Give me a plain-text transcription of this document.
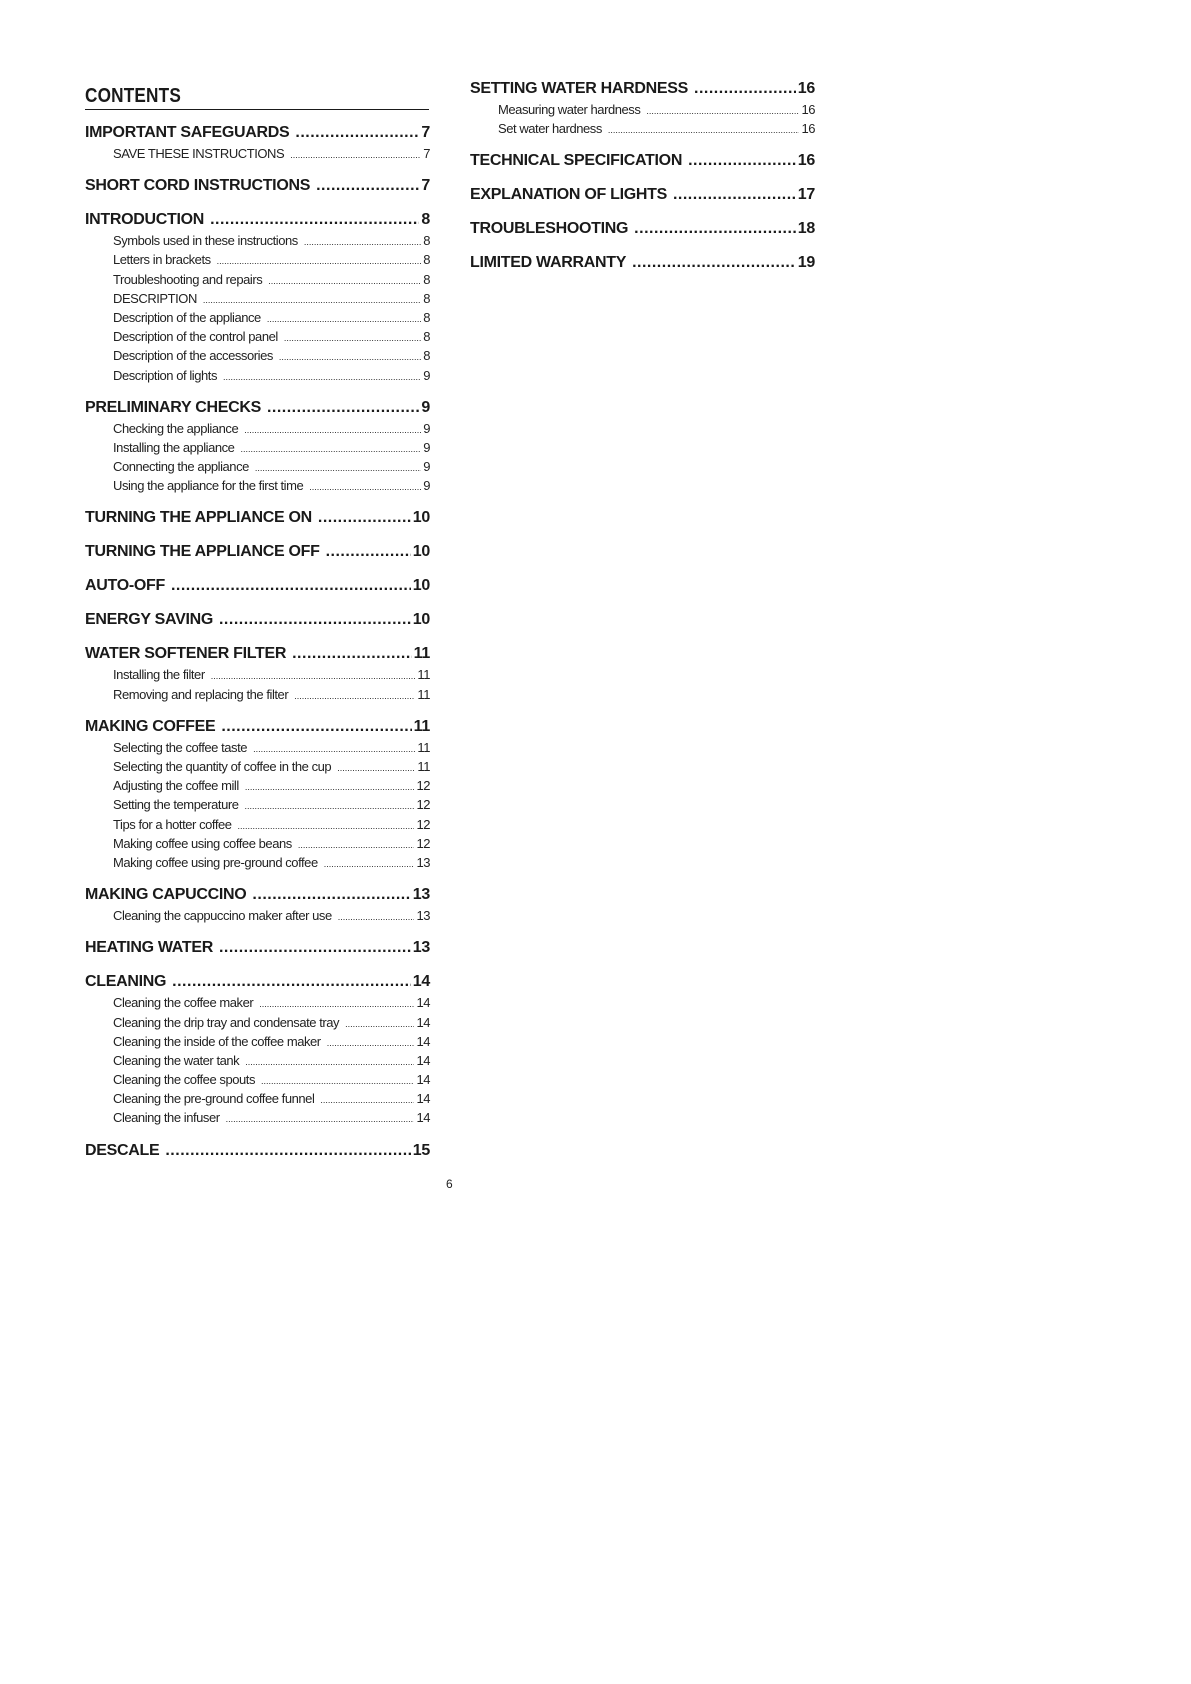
CONTENTS
IMPORTANT SAFEGUARDS .....	7
SAVE THESE INSTRUCTIONS .....	7
SHORT CORD INSTRUCTIONS .....	7
INTRODUCTION .....	8
Symbols used in these instructions .....	8
Letters in brackets .....	8
Troubleshooting and repairs .....	8
DESCRIPTION .....	8
Description of the appliance .....	8
Description of the control panel .....	8
Description of the accessories .....	8
Description of lights .....	9
PRELIMINARY CHECKS .....	9
Checking the appliance .....	9
Installing the appliance .....	9
Connecting the appliance .....	9
Using the appliance for the first time .....	9
TURNING THE APPLIANCE ON .....	10
TURNING THE APPLIANCE OFF .....	10
AUTO-OFF .....	10
ENERGY SAVING .....	10
WATER SOFTENER FILTER .....	11
Installing the filter .....	11
Removing and replacing the filter .....	11
MAKING COFFEE .....	11
Selecting the coffee taste .....	11
Selecting the quantity of coffee in the cup .....	11
Adjusting the coffee mill .....	12
Setting the temperature .....	12
Tips for a hotter coffee .....	12
Making coffee using coffee beans .....	12
Making coffee using pre-ground coffee .....	13
MAKING CAPUCCINO .....	13
Cleaning the cappuccino maker after use .....	13
HEATING WATER .....	13
CLEANING .....	14
Cleaning the coffee maker .....	14
Cleaning the drip tray and condensate tray .....	14
Cleaning the inside of the coffee maker .....	14
Cleaning the water tank .....	14
Cleaning the coffee spouts .....	14
Cleaning the pre-ground coffee funnel .....	14
Cleaning the infuser .....	14
DESCALE .....	15
SETTING WATER HARDNESS .....	16
Measuring water hardness .....	16
Set water hardness .....	16
TECHNICAL SPECIFICATION .....	16
EXPLANATION OF LIGHTS .....	17
TROUBLESHOOTING .....	18
LIMITED WARRANTY .....	19
6
